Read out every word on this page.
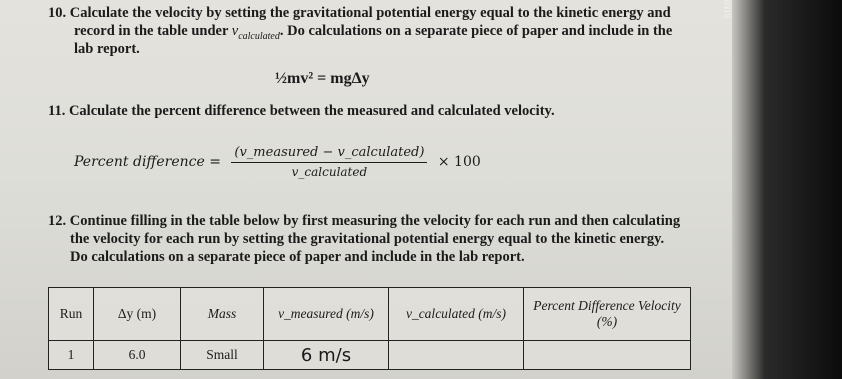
0319
10. Calculate the velocity by setting the gravitational potential energy equal to the kinetic energy and
record in the table under $v_{calculated}$. Do calculations on a separate piece of paper and include in the
lab report.
½mv² = mgΔy
11. Calculate the percent difference between the measured and calculated velocity.
Percent difference = $\frac{\text{(v\_measured − v\_calculated)}}{\text{v\_calculated}} \times 100$
12. Continue filling in the table below by first measuring the velocity for each run and then calculating
the velocity for each run by setting the gravitational potential energy equal to the kinetic energy.
Do calculations on a separate piece of paper and include in the lab report.
Run	Δy (m)	Mass	v_measured (m/s)	v_calculated (m/s)	Percent Difference Velocity (%)
1	6.0	Small	6 m/s		
